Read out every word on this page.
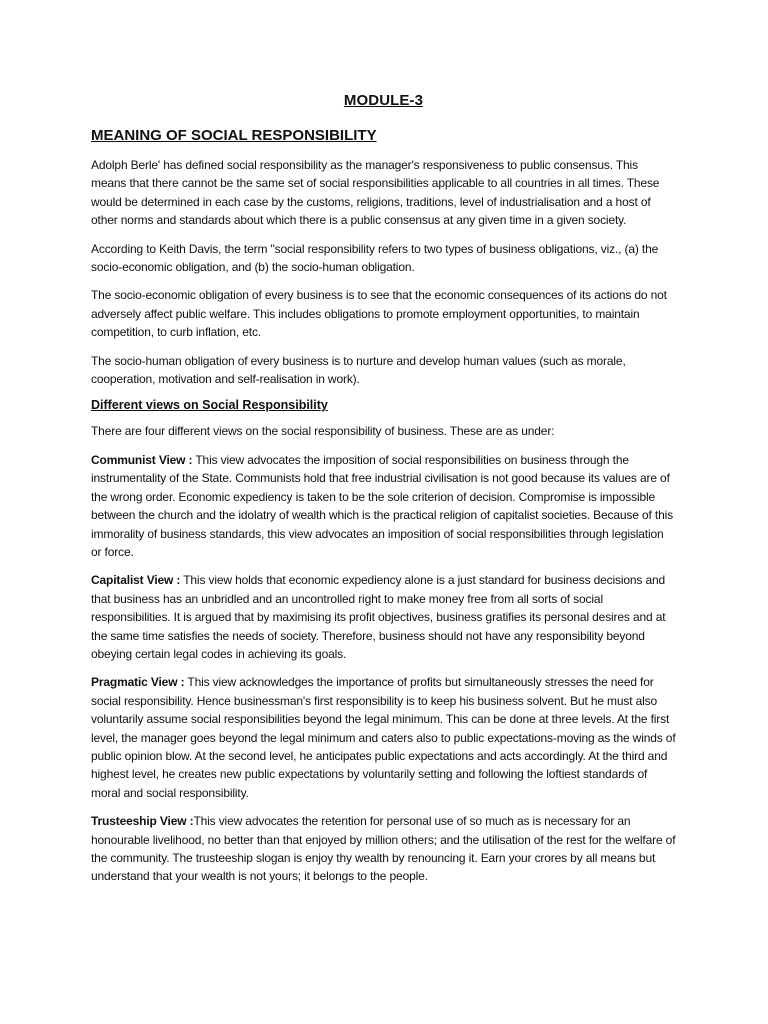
MODULE-3
MEANING OF SOCIAL RESPONSIBILITY

Adolph Berle' has defined social responsibility as the manager's responsiveness to public consensus. This means that there cannot be the same set of social responsibilities applicable to all countries in all times. These would be determined in each case by the customs, religions, traditions, level of industrialisation and a host of other norms and standards about which there is a public consensus at any given time in a given society.

According to Keith Davis, the term "social responsibility refers to two types of business obligations, viz., (a) the socio-economic obligation, and (b) the socio-human obligation.

The socio-economic obligation of every business is to see that the economic consequences of its actions do not adversely affect public welfare. This includes obligations to promote employment opportunities, to maintain competition, to curb inflation, etc.

The socio-human obligation of every business is to nurture and develop human values (such as morale, cooperation, motivation and self-realisation in work).

Different views on Social Responsibility

There are four different views on the social responsibility of business. These are as under:

Communist View : This view advocates the imposition of social responsibilities on business through the instrumentality of the State. Communists hold that free industrial civilisation is not good because its values are of the wrong order. Economic expediency is taken to be the sole criterion of decision. Compromise is impossible between the church and the idolatry of wealth which is the practical religion of capitalist societies. Because of this immorality of business standards, this view advocates an imposition of social responsibilities through legislation or force.

Capitalist View : This view holds that economic expediency alone is a just standard for business decisions and that business has an unbridled and an uncontrolled right to make money free from all sorts of social responsibilities. It is argued that by maximising its profit objectives, business gratifies its personal desires and at the same time satisfies the needs of society. Therefore, business should not have any responsibility beyond obeying certain legal codes in achieving its goals.

Pragmatic View : This view acknowledges the importance of profits but simultaneously stresses the need for social responsibility. Hence businessman's first responsibility is to keep his business solvent. But he must also voluntarily assume social responsibilities beyond the legal minimum. This can be done at three levels. At the first level, the manager goes beyond the legal minimum and caters also to public expectations-moving as the winds of public opinion blow. At the second level, he anticipates public expectations and acts accordingly. At the third and highest level, he creates new public expectations by voluntarily setting and following the loftiest standards of moral and social responsibility.

Trusteeship View :This view advocates the retention for personal use of so much as is necessary for an honourable livelihood, no better than that enjoyed by million others; and the utilisation of the rest for the welfare of the community. The trusteeship slogan is enjoy thy wealth by renouncing it. Earn your crores by all means but understand that your wealth is not yours; it belongs to the people.
